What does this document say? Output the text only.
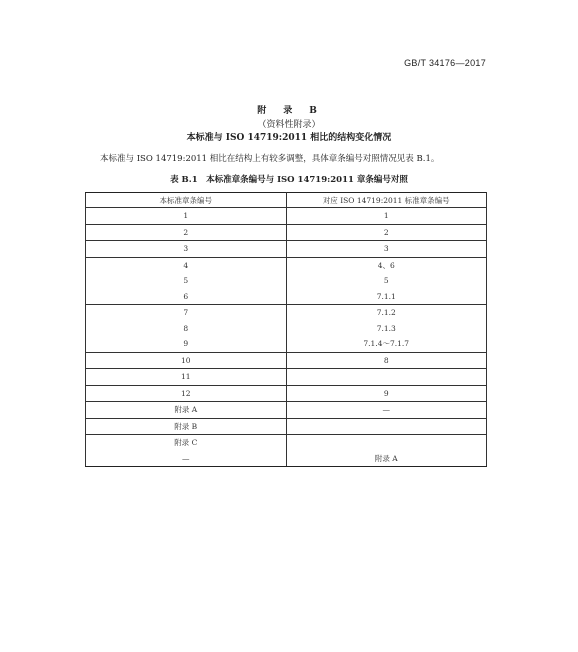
GB/T 34176—2017
附　录　B
（资料性附录）
本标准与 ISO 14719:2011 相比的结构变化情况
本标准与 ISO 14719:2011 相比在结构上有较多调整，具体章条编号对照情况见表 B.1。
表 B.1　本标准章条编号与 ISO 14719:2011 章条编号对照
本标准章条编号	对应 ISO 14719:2011 标准章条编号
1	1
2	2
3	3
4	4、6
5	5
6	7.1.1
7	7.1.2
8	7.1.3
9	7.1.4～7.1.7
10	8
11	
12	9
附录 A	—
附录 B	
附录 C	
—	附录 A
